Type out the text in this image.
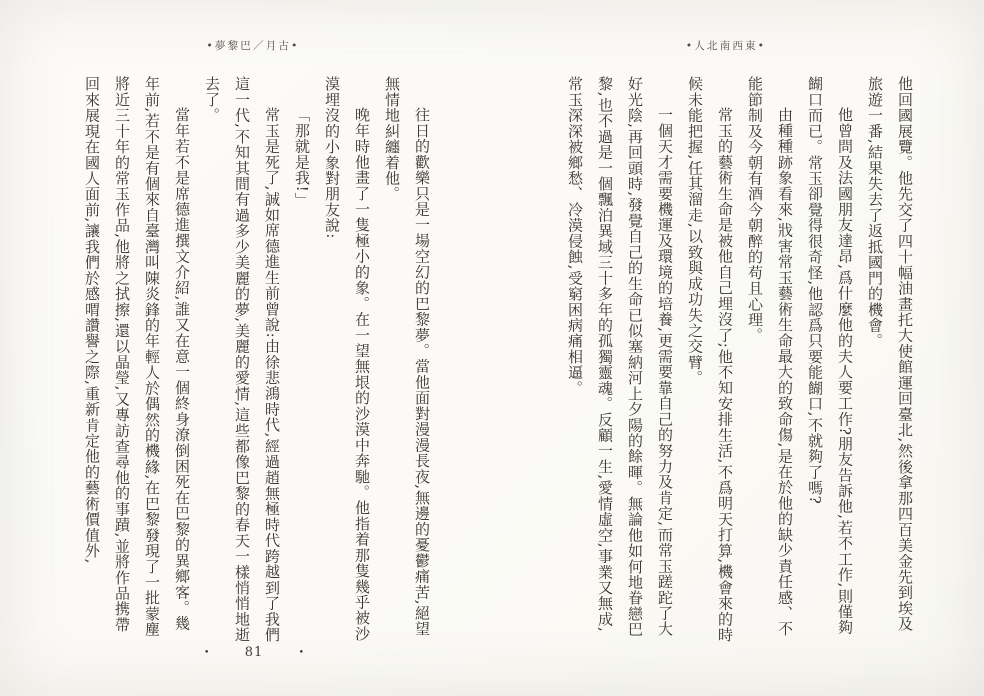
•夢黎巴／月古•	•人北南西東•

他回國展覽。他先交了四十幅油畫托大使館運回臺北,然後拿那四百美金先到埃及旅遊一番,結果失去了返抵國門的機會。

他曾問及法國朋友達昂,爲什麼他的夫人要工作?朋友告訴他,若不工作,則僅夠餬口而已。常玉卻覺得很奇怪,他認爲只要能餬口,不就夠了嗎?

由種種跡象看來,戕害常玉藝術生命最大的致命傷,是在於他的缺少責任感、不能節制及今朝有酒今朝醉的苟且心理。

常玉的藝術生命是被他自己埋沒了;他不知安排生活,不爲明天打算,機會來的時候未能把握,任其溜走,以致與成功失之交臂。

一個天才需要機運及環境的培養,更需要靠自己的努力及肯定,而常玉蹉跎了大好光陰,再回頭時,發覺自己的生命已似塞納河上夕陽的餘暉。無論他如何地眷戀巴黎,也不過是一個飄泊異域三十多年的孤獨靈魂。反顧一生,愛情虛空,事業又無成,常玉深深被鄉愁、冷漠侵蝕,受窮困病痛相逼。

往日的歡樂只是一場空幻的巴黎夢。當他面對漫漫長夜,無邊的憂鬱痛苦,絕望無情地糾纏着他。

晚年時他畫了一隻極小的象。在一望無垠的沙漠中奔馳。他指着那隻幾乎被沙漠埋沒的小象對朋友說:

「那就是我!」

常玉是死了,誠如席德進生前曾說:由徐悲鴻時代,經過趙無極時代跨越到了我們這一代,不知其間有過多少美麗的夢,美麗的愛情,這些都像巴黎的春天一樣悄悄地逝去了。

當年若不是席德進撰文介紹,誰又在意一個終身潦倒困死在巴黎的異鄉客。幾年前,若不是有個來自臺灣叫陳炎鋒的年輕人於偶然的機緣,在巴黎發現了一批蒙塵將近三十年的常玉作品,他將之拭擦,還以晶瑩,又專訪查尋他的事蹟,並將作品携帶回來展現在國人面前,讓我們於感喟讚譽之際,重新肯定他的藝術價值外,

•	81	•
